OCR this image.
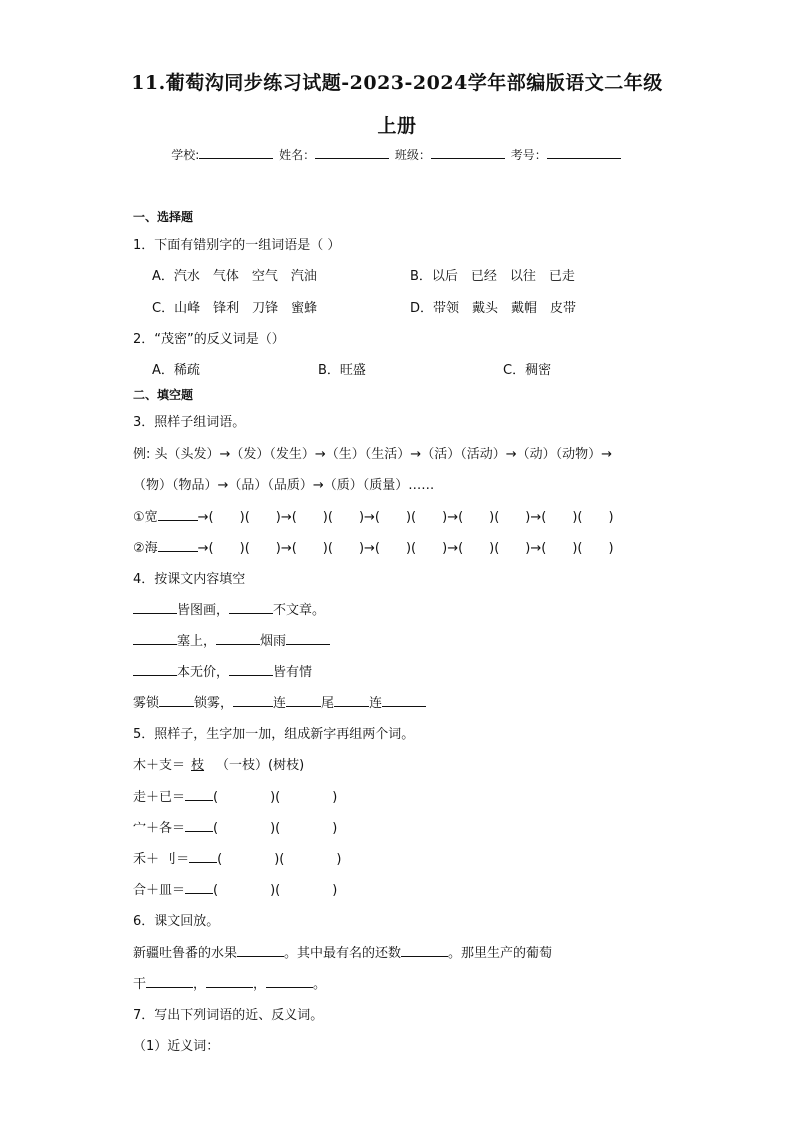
11.葡萄沟同步练习试题-2023-2024学年部编版语文二年级
上册
学校:	姓名：	班级：	考号：
一、选择题
1．下面有错别字的一组词语是（ ）
A．汽水　气体　空气　汽油	B．以后　已经　以往　已走
C．山峰　锋利　刀锋　蜜蜂	D．带领　戴头　戴帽　皮带
2．“茂密”的反义词是（）
A．稀疏	B．旺盛	C．稠密
二、填空题
3．照样子组词语。
例: 头（头发）→（发）（发生）→（生）（生活）→（活）（活动）→（动）（动物）→
（物）（物品）→（品）（品质）→（质）（质量）……
①宽	→(　　)(　　)→(　　)(　　)→(　　)(　　)→(　　)(　　)→(　　)(　　)
②海	→(　　)(　　)→(　　)(　　)→(　　)(　　)→(　　)(　　)→(　　)(　　)
4．按课文内容填空
皆图画，	不文章。
塞上，	烟雨
本无价，	皆有情
雾锁	锁雾，	连	尾	连
5．照样子，生字加一加，组成新字再组两个词。
木＋支＝ 枝 （一枝）(树枝)
走＋已＝ (　　　　)(　　　　)
宀＋各＝ (　　　　)(　　　　)
禾＋ 刂＝ (　　　　)(　　　　)
合＋皿＝ (　　　　)(　　　　)
6．课文回放。
新疆吐鲁番的水果	。其中最有名的还数	。那里生产的葡萄
干	，	，	。
7．写出下列词语的近、反义词。
（1）近义词：
